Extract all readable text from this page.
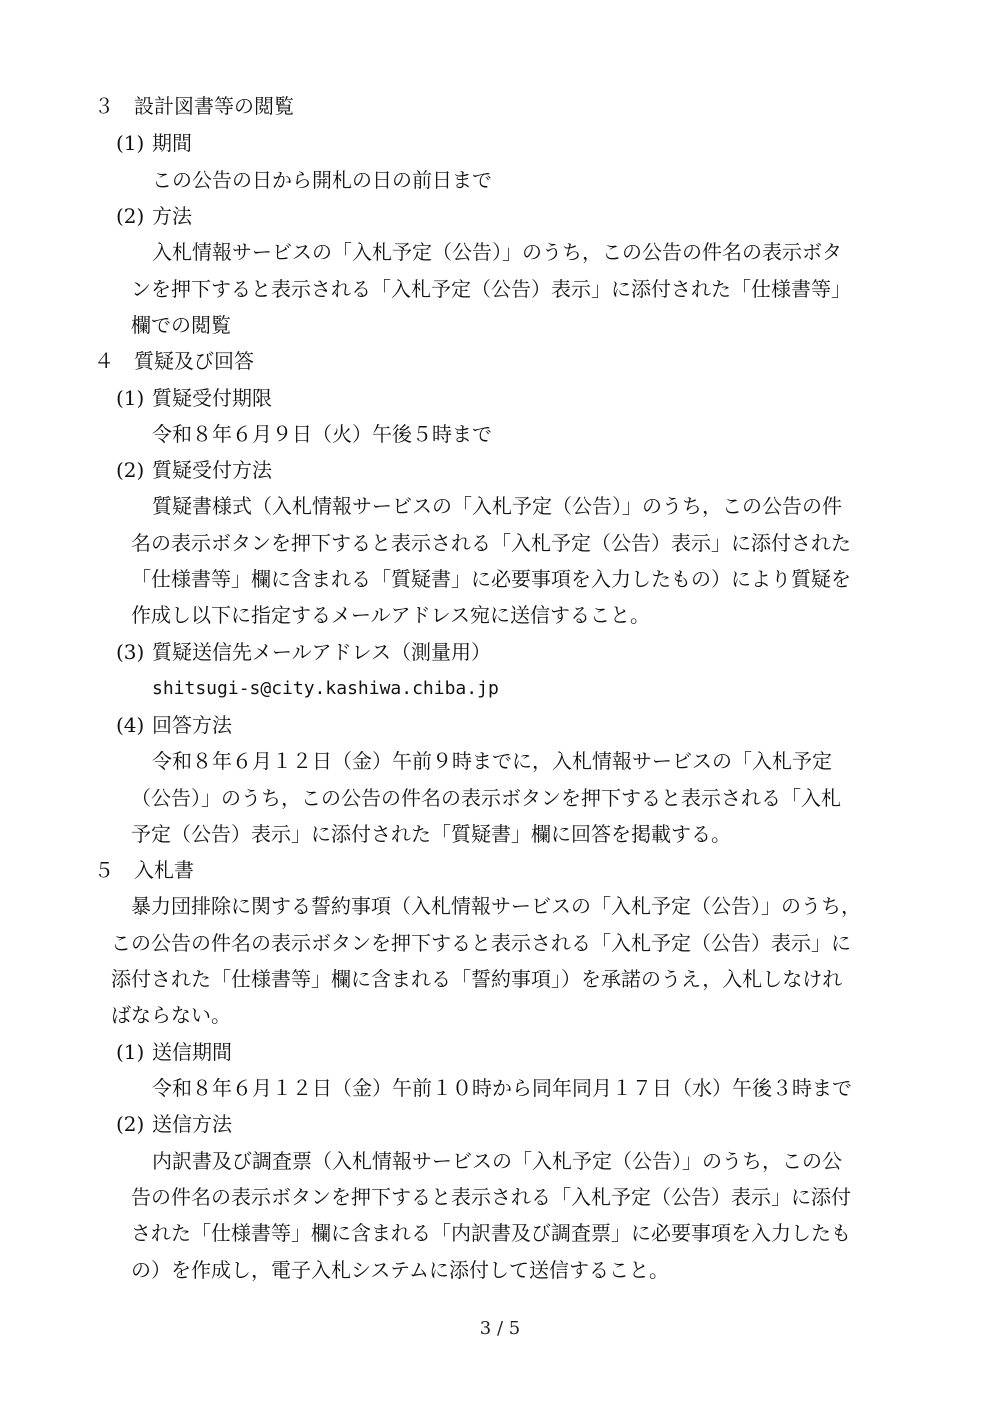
３　設計図書等の閲覧
(1) 期間
この公告の日から開札の日の前日まで
(2) 方法
入札情報サービスの「入札予定（公告）」のうち，この公告の件名の表示ボタ
ンを押下すると表示される「入札予定（公告）表示」に添付された「仕様書等」
欄での閲覧
４　質疑及び回答
(1) 質疑受付期限
令和８年６月９日（火）午後５時まで
(2) 質疑受付方法
質疑書様式（入札情報サービスの「入札予定（公告）」のうち，この公告の件
名の表示ボタンを押下すると表示される「入札予定（公告）表示」に添付された
「仕様書等」欄に含まれる「質疑書」に必要事項を入力したもの）により質疑を
作成し以下に指定するメールアドレス宛に送信すること。
(3) 質疑送信先メールアドレス（測量用）
shitsugi-s@city.kashiwa.chiba.jp
(4) 回答方法
令和８年６月１２日（金）午前９時までに，入札情報サービスの「入札予定
（公告）」のうち，この公告の件名の表示ボタンを押下すると表示される「入札
予定（公告）表示」に添付された「質疑書」欄に回答を掲載する。
５　入札書
暴力団排除に関する誓約事項（入札情報サービスの「入札予定（公告）」のうち，
この公告の件名の表示ボタンを押下すると表示される「入札予定（公告）表示」に
添付された「仕様書等」欄に含まれる「誓約事項」）を承諾のうえ，入札しなけれ
ばならない。
(1) 送信期間
令和８年６月１２日（金）午前１０時から同年同月１７日（水）午後３時まで
(2) 送信方法
内訳書及び調査票（入札情報サービスの「入札予定（公告）」のうち，この公
告の件名の表示ボタンを押下すると表示される「入札予定（公告）表示」に添付
された「仕様書等」欄に含まれる「内訳書及び調査票」に必要事項を入力したも
の）を作成し，電子入札システムに添付して送信すること。
3 / 5
